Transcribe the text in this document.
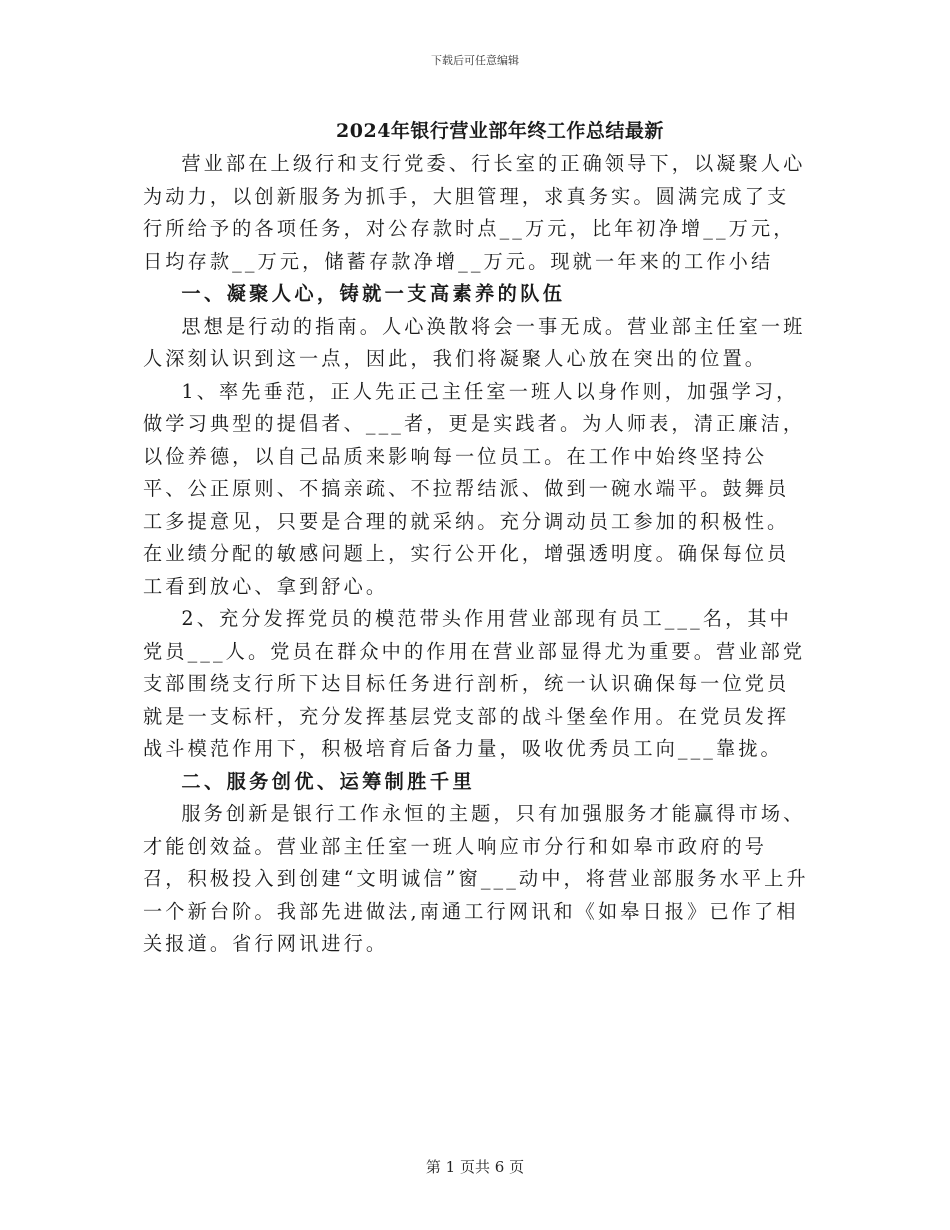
下载后可任意编辑
2024年银行营业部年终工作总结最新

营业部在上级行和支行党委、行长室的正确领导下，以凝聚人心为动力，以创新服务为抓手，大胆管理，求真务实。圆满完成了支行所给予的各项任务，对公存款时点__万元，比年初净增__万元，日均存款__万元，储蓄存款净增__万元。现就一年来的工作小结

一、凝聚人心，铸就一支高素养的队伍

思想是行动的指南。人心涣散将会一事无成。营业部主任室一班人深刻认识到这一点，因此，我们将凝聚人心放在突出的位置。

1、率先垂范，正人先正己主任室一班人以身作则，加强学习，做学习典型的提倡者、___者，更是实践者。为人师表，清正廉洁，以俭养德，以自己品质来影响每一位员工。在工作中始终坚持公平、公正原则、不搞亲疏、不拉帮结派、做到一碗水端平。鼓舞员工多提意见，只要是合理的就采纳。充分调动员工参加的积极性。在业绩分配的敏感问题上，实行公开化，增强透明度。确保每位员工看到放心、拿到舒心。

2、充分发挥党员的模范带头作用营业部现有员工___名，其中党员___人。党员在群众中的作用在营业部显得尤为重要。营业部党支部围绕支行所下达目标任务进行剖析，统一认识确保每一位党员就是一支标杆，充分发挥基层党支部的战斗堡垒作用。在党员发挥战斗模范作用下，积极培育后备力量，吸收优秀员工向___靠拢。

二、服务创优、运筹制胜千里

服务创新是银行工作永恒的主题，只有加强服务才能赢得市场、才能创效益。营业部主任室一班人响应市分行和如皋市政府的号召，积极投入到创建“文明诚信”窗___动中，将营业部服务水平上升一个新台阶。我部先进做法,南通工行网讯和《如皋日报》已作了相关报道。省行网讯进行。

第 1 页共 6 页
